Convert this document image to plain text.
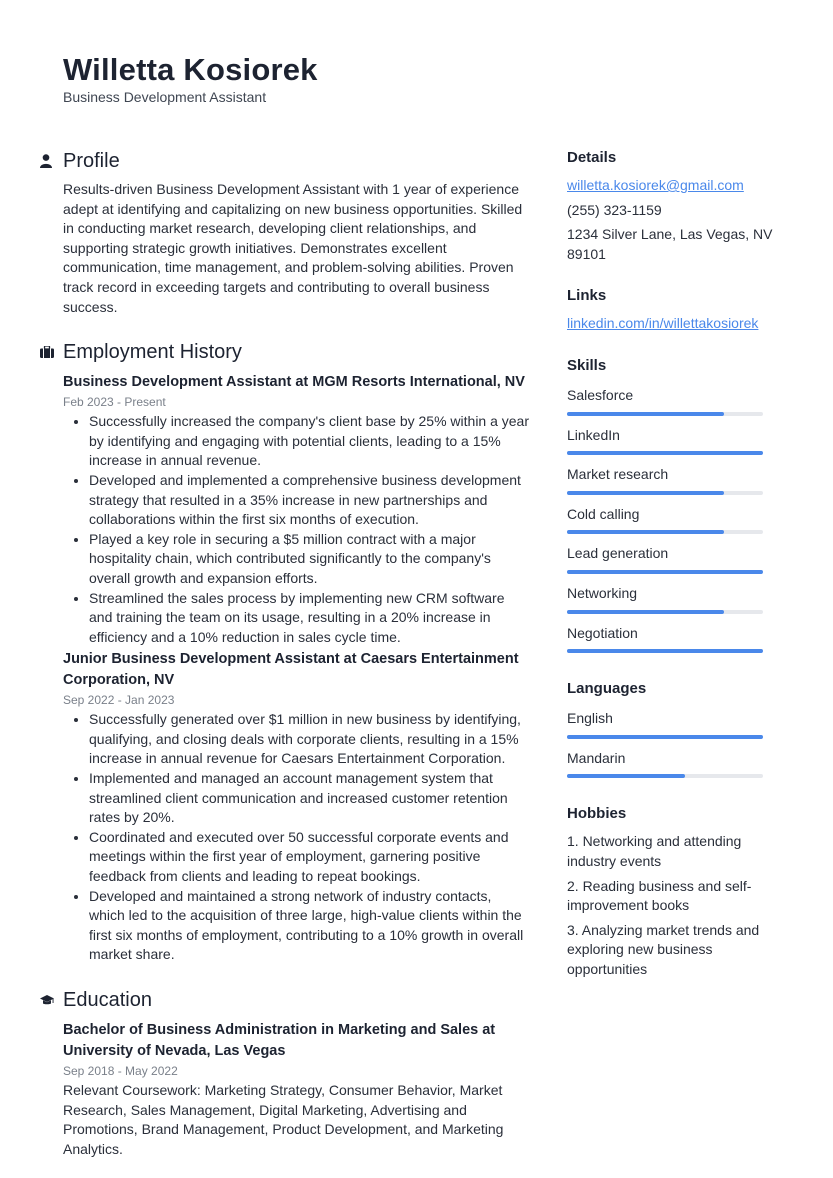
Willetta Kosiorek
Business Development Assistant
Profile
Results-driven Business Development Assistant with 1 year of experience adept at identifying and capitalizing on new business opportunities. Skilled in conducting market research, developing client relationships, and supporting strategic growth initiatives. Demonstrates excellent communication, time management, and problem-solving abilities. Proven track record in exceeding targets and contributing to overall business success.
Employment History
Business Development Assistant at MGM Resorts International, NV
Feb 2023 - Present
• Successfully increased the company's client base by 25% within a year by identifying and engaging with potential clients, leading to a 15% increase in annual revenue.
• Developed and implemented a comprehensive business development strategy that resulted in a 35% increase in new partnerships and collaborations within the first six months of execution.
• Played a key role in securing a $5 million contract with a major hospitality chain, which contributed significantly to the company's overall growth and expansion efforts.
• Streamlined the sales process by implementing new CRM software and training the team on its usage, resulting in a 20% increase in efficiency and a 10% reduction in sales cycle time.
Junior Business Development Assistant at Caesars Entertainment Corporation, NV
Sep 2022 - Jan 2023
• Successfully generated over $1 million in new business by identifying, qualifying, and closing deals with corporate clients, resulting in a 15% increase in annual revenue for Caesars Entertainment Corporation.
• Implemented and managed an account management system that streamlined client communication and increased customer retention rates by 20%.
• Coordinated and executed over 50 successful corporate events and meetings within the first year of employment, garnering positive feedback from clients and leading to repeat bookings.
• Developed and maintained a strong network of industry contacts, which led to the acquisition of three large, high-value clients within the first six months of employment, contributing to a 10% growth in overall market share.
Education
Bachelor of Business Administration in Marketing and Sales at University of Nevada, Las Vegas
Sep 2018 - May 2022
Relevant Coursework: Marketing Strategy, Consumer Behavior, Market Research, Sales Management, Digital Marketing, Advertising and Promotions, Brand Management, Product Development, and Marketing Analytics.
Details
willetta.kosiorek@gmail.com
(255) 323-1159
1234 Silver Lane, Las Vegas, NV 89101
Links
linkedin.com/in/willettakosiorek
Skills
Salesforce
LinkedIn
Market research
Cold calling
Lead generation
Networking
Negotiation
Languages
English
Mandarin
Hobbies
1. Networking and attending industry events
2. Reading business and self-improvement books
3. Analyzing market trends and exploring new business opportunities
